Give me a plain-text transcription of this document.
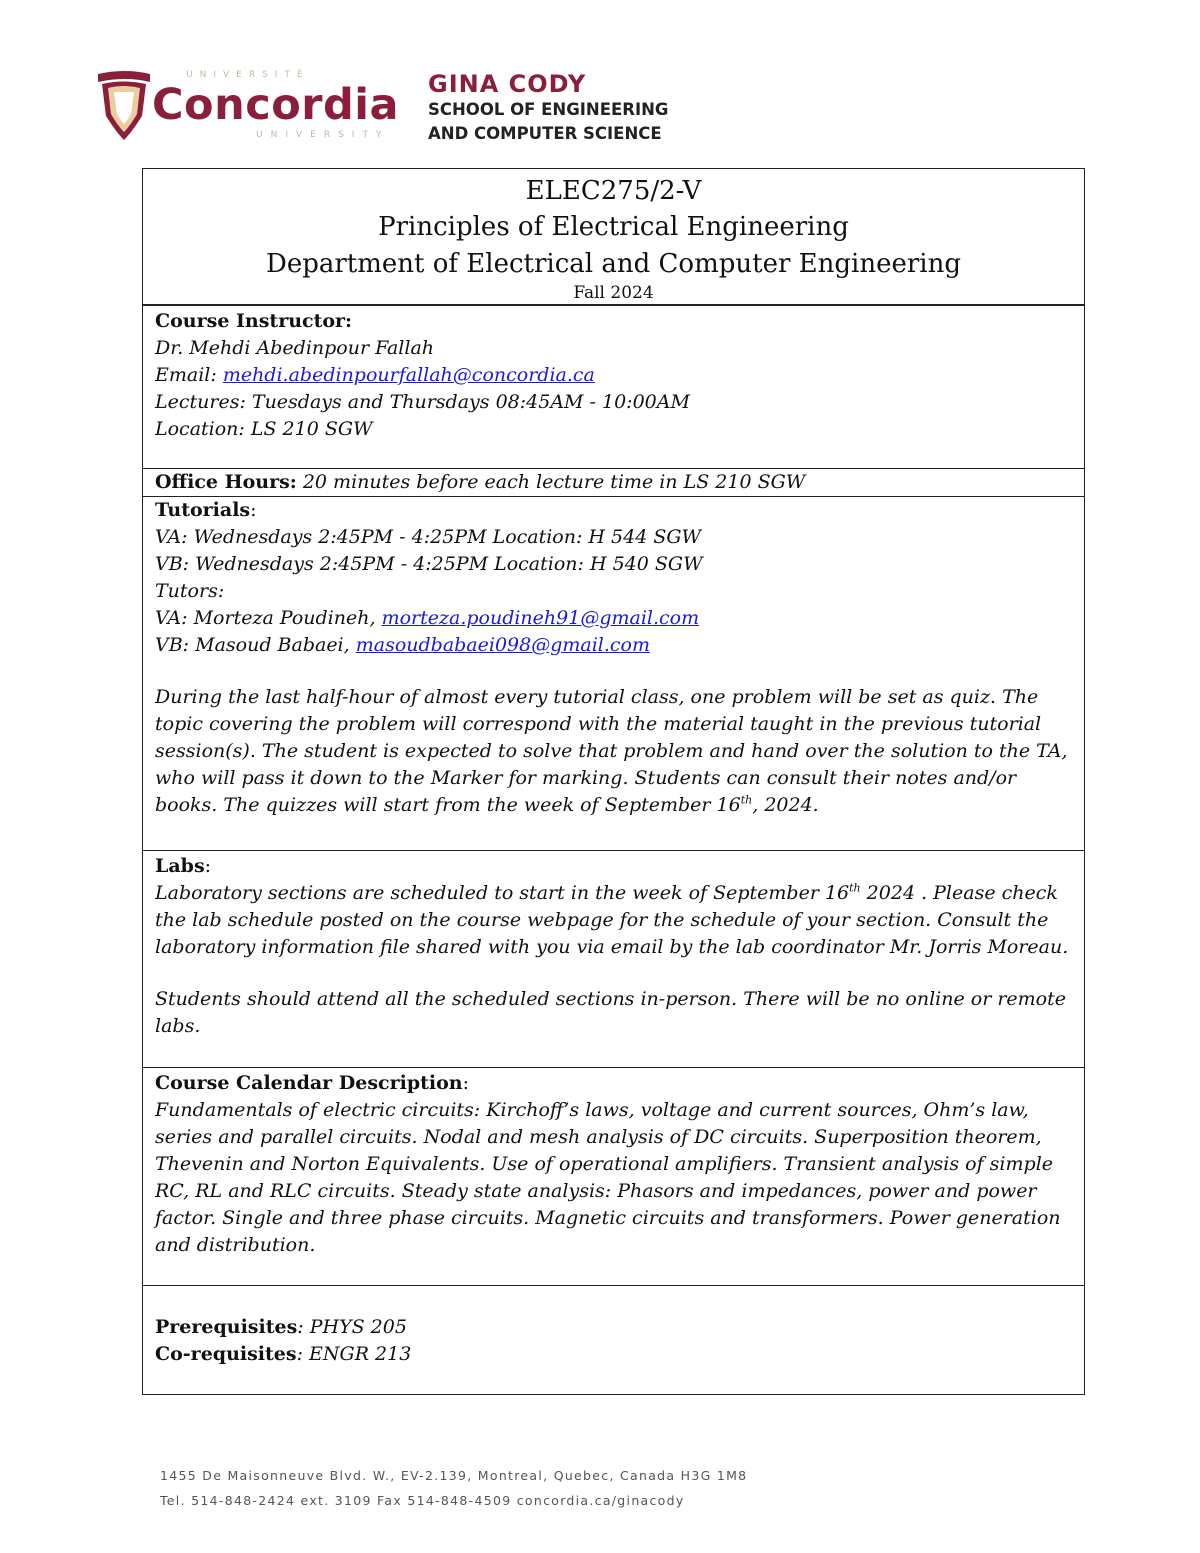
UNIVERSITÉ
Concordia
UNIVERSITY
GINA CODY
SCHOOL OF ENGINEERING
AND COMPUTER SCIENCE
ELEC275/2-V
Principles of Electrical Engineering
Department of Electrical and Computer Engineering
Fall 2024
Course Instructor:
Dr. Mehdi Abedinpour Fallah
Email: mehdi.abedinpourfallah@concordia.ca
Lectures: Tuesdays and Thursdays 08:45AM - 10:00AM
Location: LS 210 SGW
Office Hours: 20 minutes before each lecture time in LS 210 SGW
Tutorials:
VA: Wednesdays 2:45PM - 4:25PM Location: H 544 SGW
VB: Wednesdays 2:45PM - 4:25PM Location: H 540 SGW
Tutors:
VA: Morteza Poudineh, morteza.poudineh91@gmail.com
VB: Masoud Babaei, masoudbabaei098@gmail.com
During the last half-hour of almost every tutorial class, one problem will be set as quiz. The topic covering the problem will correspond with the material taught in the previous tutorial session(s). The student is expected to solve that problem and hand over the solution to the TA, who will pass it down to the Marker for marking. Students can consult their notes and/or books. The quizzes will start from the week of September 16th, 2024.
Labs:
Laboratory sections are scheduled to start in the week of September 16th 2024 . Please check the lab schedule posted on the course webpage for the schedule of your section. Consult the laboratory information file shared with you via email by the lab coordinator Mr. Jorris Moreau.
Students should attend all the scheduled sections in-person. There will be no online or remote labs.
Course Calendar Description:
Fundamentals of electric circuits: Kirchoff’s laws, voltage and current sources, Ohm’s law, series and parallel circuits. Nodal and mesh analysis of DC circuits. Superposition theorem, Thevenin and Norton Equivalents. Use of operational amplifiers. Transient analysis of simple RC, RL and RLC circuits. Steady state analysis: Phasors and impedances, power and power factor. Single and three phase circuits. Magnetic circuits and transformers. Power generation and distribution.
Prerequisites: PHYS 205
Co-requisites: ENGR 213
1455 De Maisonneuve Blvd. W., EV-2.139, Montreal, Quebec, Canada H3G 1M8
Tel. 514-848-2424 ext. 3109 Fax 514-848-4509 concordia.ca/ginacody
